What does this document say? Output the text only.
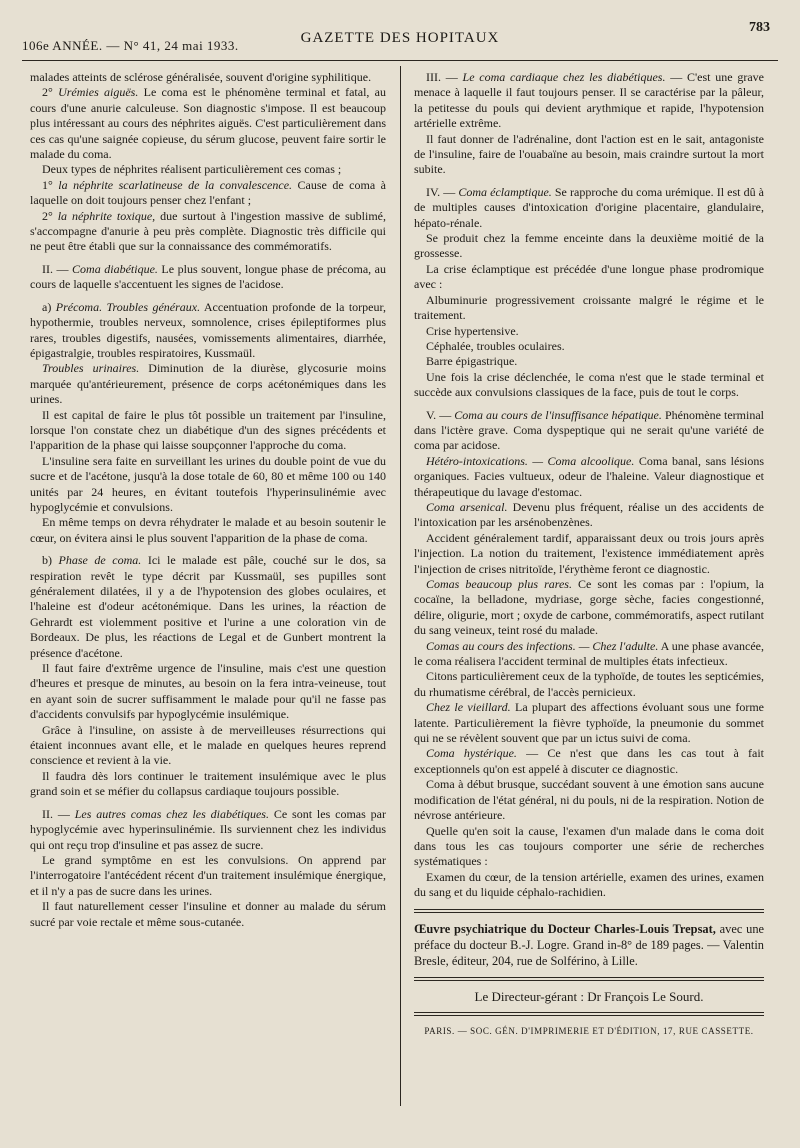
106e ANNÉE. — N° 41, 24 mai 1933.	GAZETTE DES HOPITAUX
783

malades atteints de sclérose généralisée, souvent d'origine syphilitique.

2° Urémies aiguës. Le coma est le phénomène terminal et fatal, au cours d'une anurie calculeuse. Son diagnostic s'impose. Il est beaucoup plus intéressant au cours des néphrites aiguës. C'est particulièrement dans ces cas qu'une saignée copieuse, du sérum glucose, peuvent faire sortir le malade du coma.

Deux types de néphrites réalisent particulièrement ces comas ;

1° la néphrite scarlatineuse de la convalescence. Cause de coma à laquelle on doit toujours penser chez l'enfant ;

2° la néphrite toxique, due surtout à l'ingestion massive de sublimé, s'accompagne d'anurie à peu près complète. Diagnostic très difficile qui ne peut être établi que sur la connaissance des commémoratifs.

II. — Coma diabétique. Le plus souvent, longue phase de précoma, au cours de laquelle s'accentuent les signes de l'acidose.

a) Précoma. Troubles généraux. Accentuation profonde de la torpeur, hypothermie, troubles nerveux, somnolence, crises épileptiformes plus rares, troubles digestifs, nausées, vomissements alimentaires, diarrhée, épigastralgie, troubles respiratoires, Kussmaül.

Troubles urinaires. Diminution de la diurèse, glycosurie moins marquée qu'antérieurement, présence de corps acétonémiques dans les urines.

Il est capital de faire le plus tôt possible un traitement par l'insuline, lorsque l'on constate chez un diabétique d'un des signes précédents et l'apparition de la phase qui laisse soupçonner l'approche du coma.

L'insuline sera faite en surveillant les urines du double point de vue du sucre et de l'acétone, jusqu'à la dose totale de 60, 80 et même 100 ou 140 unités par 24 heures, en évitant toutefois l'hyperinsulinémie avec hypoglycémie et convulsions.

En même temps on devra réhydrater le malade et au besoin soutenir le cœur, on évitera ainsi le plus souvent l'apparition de la phase de coma.

b) Phase de coma. Ici le malade est pâle, couché sur le dos, sa respiration revêt le type décrit par Kussmaül, ses pupilles sont généralement dilatées, il y a de l'hypotension des globes oculaires, et l'haleine est d'odeur acétonémique. Dans les urines, la réaction de Gehrardt est violemment positive et l'urine a une coloration vin de Bordeaux. De plus, les réactions de Legal et de Gunbert montrent la présence d'acétone.

Il faut faire d'extrême urgence de l'insuline, mais c'est une question d'heures et presque de minutes, au besoin on la fera intra-veineuse, tout en ayant soin de sucrer suffisamment le malade pour qu'il ne fasse pas d'accidents convulsifs par hypoglycémie insulémique.

Grâce à l'insuline, on assiste à de merveilleuses résurrections qui étaient inconnues avant elle, et le malade en quelques heures reprend conscience et revient à la vie.

Il faudra dès lors continuer le traitement insulémique avec le plus grand soin et se méfier du collapsus cardiaque toujours possible.

II. — Les autres comas chez les diabétiques. Ce sont les comas par hypoglycémie avec hyperinsulinémie. Ils surviennent chez les individus qui ont reçu trop d'insuline et pas assez de sucre.

Le grand symptôme en est les convulsions. On apprend par l'interrogatoire l'antécédent récent d'un traitement insulémique énergique, et il n'y a pas de sucre dans les urines.

Il faut naturellement cesser l'insuline et donner au malade du sérum sucré par voie rectale et même sous-cutanée.

III. — Le coma cardiaque chez les diabétiques. — C'est une grave menace à laquelle il faut toujours penser. Il se caractérise par la pâleur, la petitesse du pouls qui devient arythmique et rapide, l'hypotension artérielle extrême.

Il faut donner de l'adrénaline, dont l'action est en le sait, antagoniste de l'insuline, faire de l'ouabaïne au besoin, mais craindre surtout la mort subite.

IV. — Coma éclamptique. Se rapproche du coma urémique. Il est dû à de multiples causes d'intoxication d'origine placentaire, glandulaire, hépato-rénale.

Se produit chez la femme enceinte dans la deuxième moitié de la grossesse.

La crise éclamptique est précédée d'une longue phase prodromique avec :

Albuminurie progressivement croissante malgré le régime et le traitement.

Crise hypertensive.

Céphalée, troubles oculaires.

Barre épigastrique.

Une fois la crise déclenchée, le coma n'est que le stade terminal et succède aux convulsions classiques de la face, puis de tout le corps.

V. — Coma au cours de l'insuffisance hépatique. Phénomène terminal dans l'ictère grave. Coma dyspeptique qui ne serait qu'une variété de coma par acidose.

Hétéro-intoxications. — Coma alcoolique. Coma banal, sans lésions organiques. Facies vultueux, odeur de l'haleine. Valeur diagnostique et thérapeutique du lavage d'estomac.

Coma arsenical. Devenu plus fréquent, réalise un des accidents de l'intoxication par les arsénobenzènes.

Accident généralement tardif, apparaissant deux ou trois jours après l'injection. La notion du traitement, l'existence immédiatement après l'injection de crises nitritoïde, l'érythème feront ce diagnostic.

Comas beaucoup plus rares. Ce sont les comas par : l'opium, la cocaïne, la belladone, mydriase, gorge sèche, facies congestionné, délire, oligurie, mort ; oxyde de carbone, commémoratifs, aspect rutilant du sang veineux, teint rosé du malade.

Comas au cours des infections. — Chez l'adulte. A une phase avancée, le coma réalisera l'accident terminal de multiples états infectieux.

Citons particulièrement ceux de la typhoïde, de toutes les septicémies, du rhumatisme cérébral, de l'accès pernicieux.

Chez le vieillard. La plupart des affections évoluant sous une forme latente. Particulièrement la fièvre typhoïde, la pneumonie du sommet qui ne se révèlent souvent que par un ictus suivi de coma.

Coma hystérique. — Ce n'est que dans les cas tout à fait exceptionnels qu'on est appelé à discuter ce diagnostic.

Coma à début brusque, succédant souvent à une émotion sans aucune modification de l'état général, ni du pouls, ni de la respiration. Notion de névrose antérieure.

Quelle qu'en soit la cause, l'examen d'un malade dans le coma doit dans tous les cas toujours comporter une série de recherches systématiques :

Examen du cœur, de la tension artérielle, examen des urines, examen du sang et du liquide céphalo-rachidien.

Œuvre psychiatrique du Docteur Charles-Louis Trepsat, avec une préface du docteur B.-J. Logre. Grand in-8° de 189 pages. — Valentin Bresle, éditeur, 204, rue de Solférino, à Lille.
Le Directeur-gérant : Dr François Le Sourd.
PARIS. — SOC. GÉN. D'IMPRIMERIE ET D'ÉDITION, 17, RUE CASSETTE.
